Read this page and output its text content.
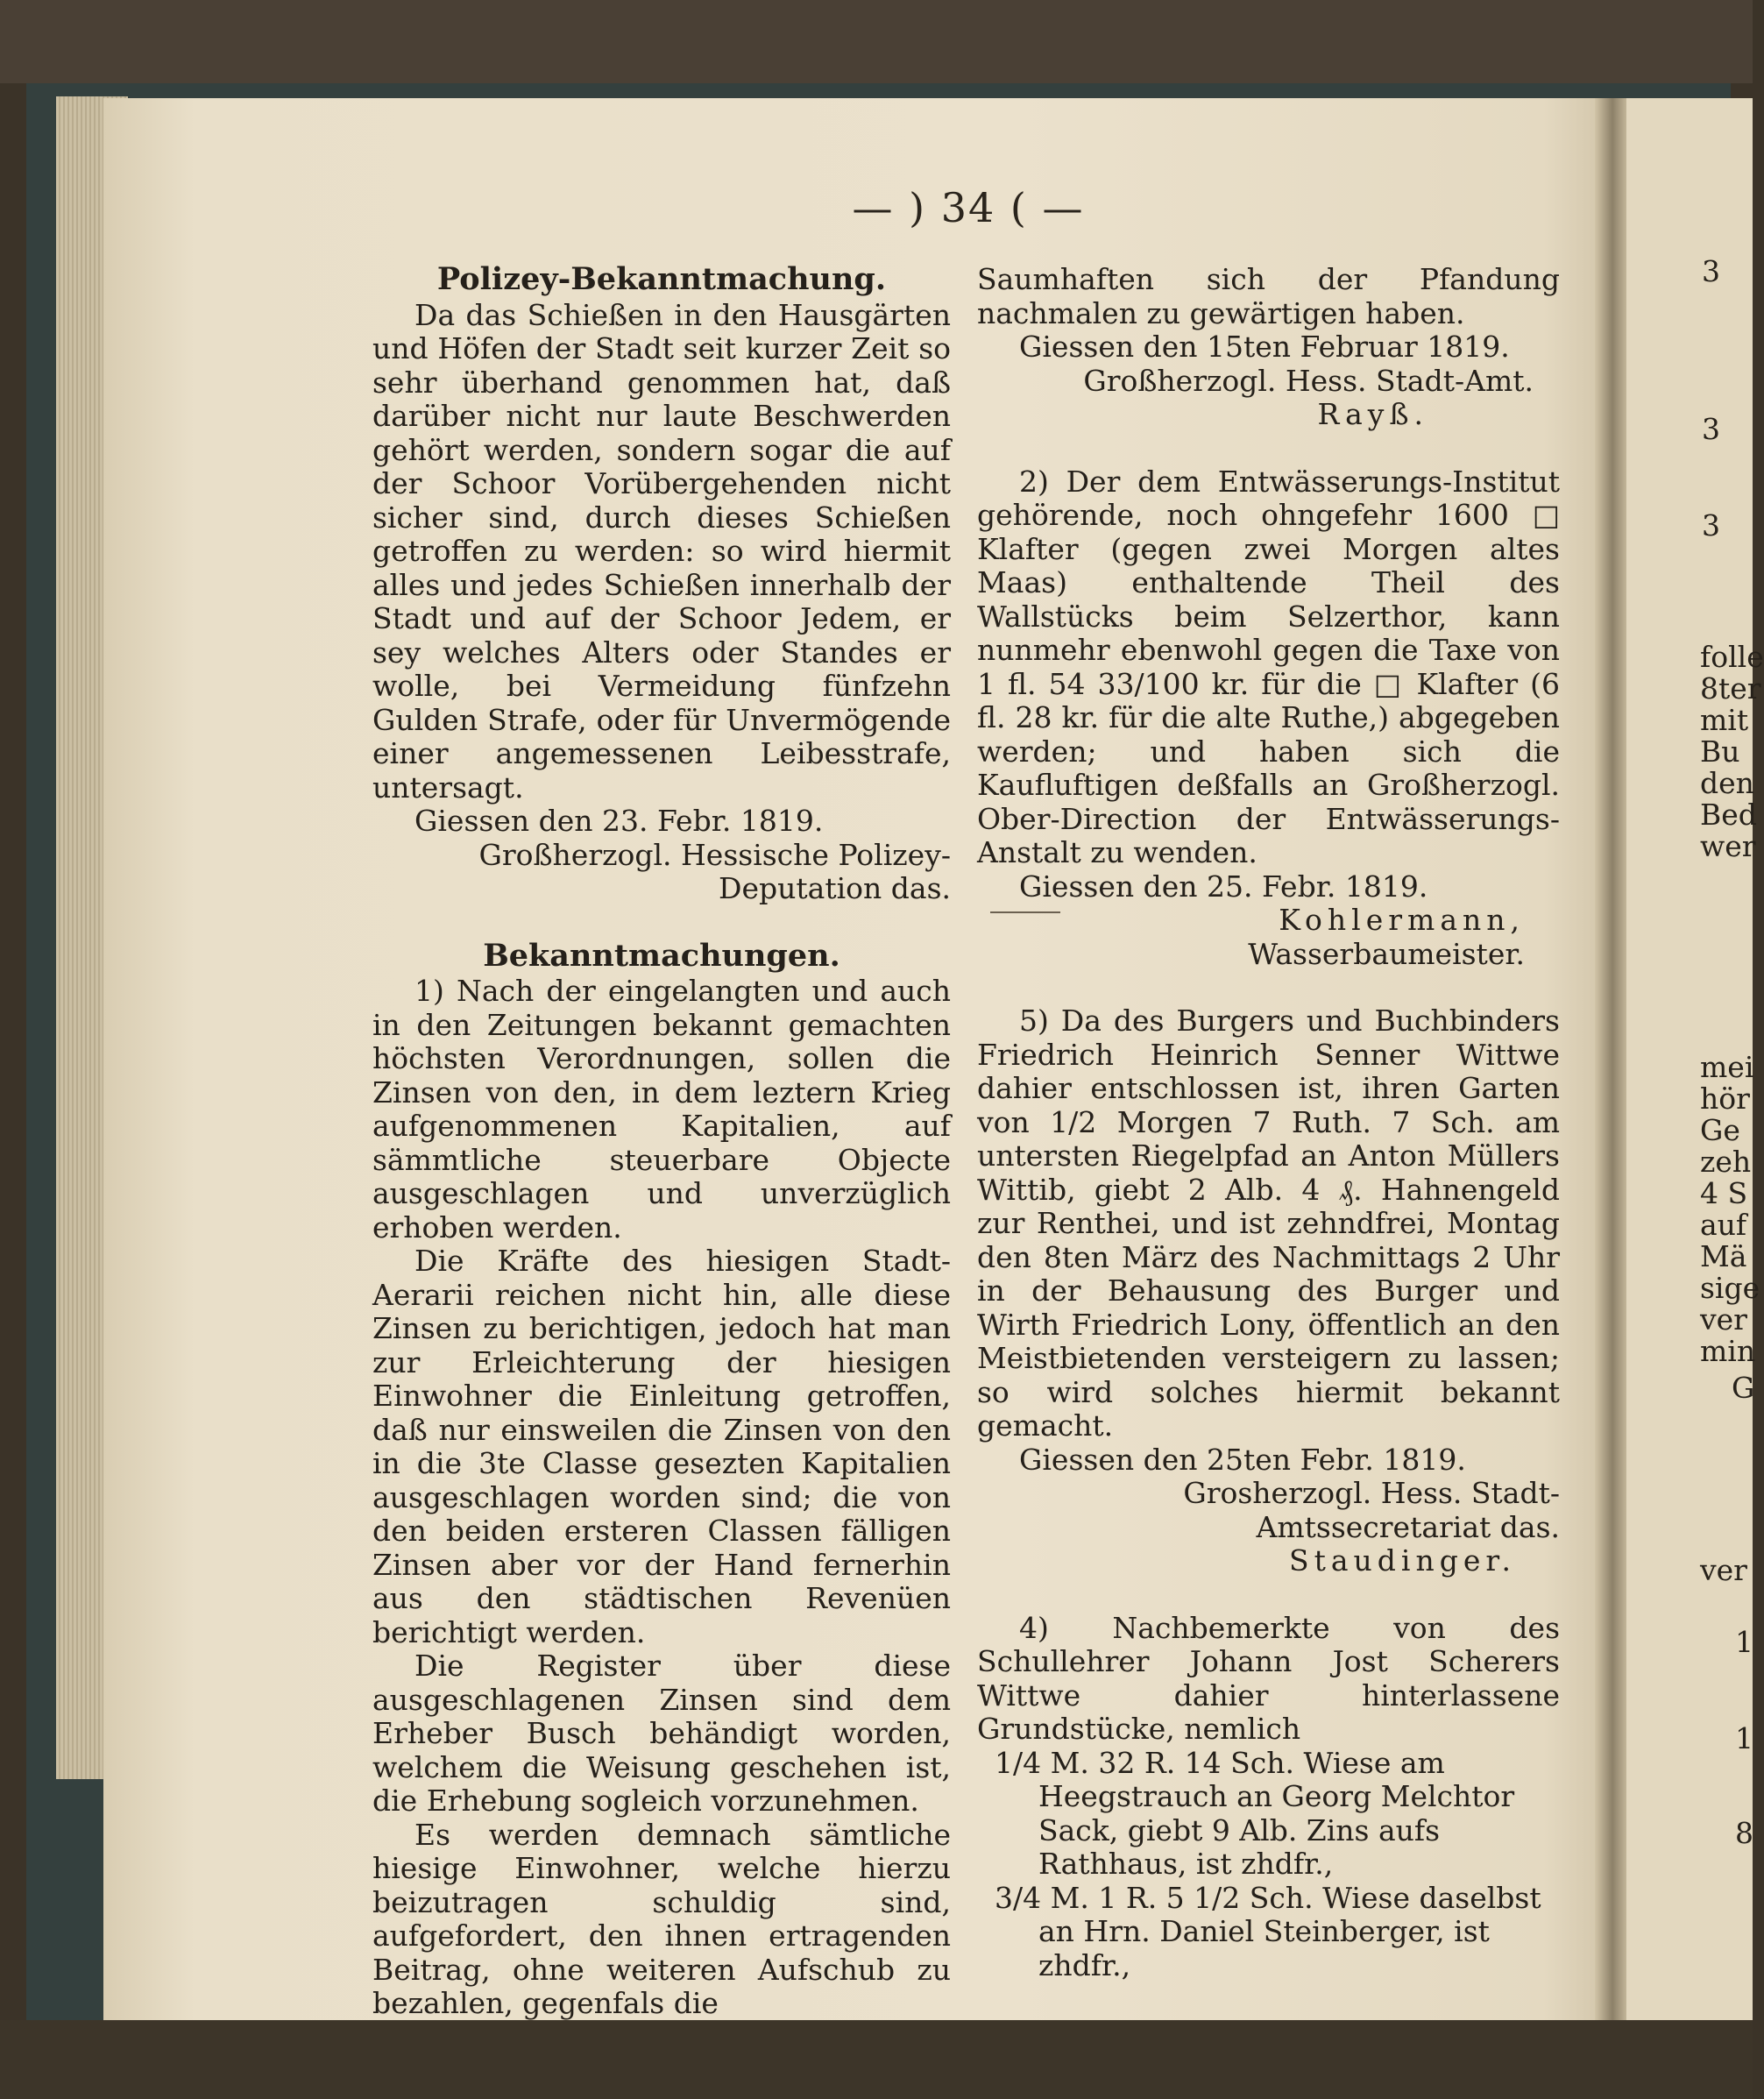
3
3
3
folle
8ter
mit
Bu
den
Bed
wer
mei
hör
Ge
zeh
4 S
auf
Mä
sige
ver
min
G
ver
1
1
8
— ) 34 ( —

Polizey-Bekanntmachung.

Da das Schießen in den Hausgärten und Höfen der Stadt seit kurzer Zeit so sehr überhand genommen hat, daß darüber nicht nur laute Beschwerden gehört werden, sondern sogar die auf der Schoor Vorübergehenden nicht sicher sind, durch dieses Schießen getroffen zu werden: so wird hiermit alles und jedes Schießen innerhalb der Stadt und auf der Schoor Jedem, er sey welches Alters oder Standes er wolle, bei Vermeidung fünfzehn Gulden Strafe, oder für Unvermögende einer angemessenen Leibesstrafe, untersagt.

Giessen den 23. Febr. 1819.

Großherzogl. Hessische Polizey-Deputation das.

Bekanntmachungen.

1) Nach der eingelangten und auch in den Zeitungen bekannt gemachten höchsten Verordnungen, sollen die Zinsen von den, in dem leztern Krieg aufgenommenen Kapitalien, auf sämmtliche steuerbare Objecte ausgeschlagen und unverzüglich erhoben werden.

Die Kräfte des hiesigen Stadt-Aerarii reichen nicht hin, alle diese Zinsen zu berichtigen, jedoch hat man zur Erleichterung der hiesigen Einwohner die Einleitung getroffen, daß nur einsweilen die Zinsen von den in die 3te Classe gesezten Kapitalien ausgeschlagen worden sind; die von den beiden ersteren Classen fälligen Zinsen aber vor der Hand fernerhin aus den städtischen Revenüen berichtigt werden.

Die Register über diese ausgeschlagenen Zinsen sind dem Erheber Busch behändigt worden, welchem die Weisung geschehen ist, die Erhebung sogleich vorzunehmen.

Es werden demnach sämtliche hiesige Einwohner, welche hierzu beizutragen schuldig sind, aufgefordert, den ihnen ertragenden Beitrag, ohne weiteren Aufschub zu bezahlen, gegenfals die

Saumhaften sich der Pfandung nachmalen zu gewärtigen haben.

Giessen den 15ten Februar 1819.

Großherzogl. Hess. Stadt-Amt.

Rayß.

2) Der dem Entwässerungs-Institut gehörende, noch ohngefehr 1600 □ Klafter (gegen zwei Morgen altes Maas) enthaltende Theil des Wallstücks beim Selzerthor, kann nunmehr ebenwohl gegen die Taxe von 1 fl. 54 33/100 kr. für die □ Klafter (6 fl. 28 kr. für die alte Ruthe,) abgegeben werden; und haben sich die Kaufluftigen deßfalls an Großherzogl. Ober-Direction der Entwässerungs-Anstalt zu wenden.

Giessen den 25. Febr. 1819.

Kohlermann,

Wasserbaumeister.

5) Da des Burgers und Buchbinders Friedrich Heinrich Senner Wittwe dahier entschlossen ist, ihren Garten von 1/2 Morgen 7 Ruth. 7 Sch. am untersten Riegelpfad an Anton Müllers Wittib, giebt 2 Alb. 4 ₰. Hahnengeld zur Renthei, und ist zehndfrei, Montag den 8ten März des Nachmittags 2 Uhr in der Behausung des Burger und Wirth Friedrich Lony, öffentlich an den Meistbietenden versteigern zu lassen; so wird solches hiermit bekannt gemacht.

Giessen den 25ten Febr. 1819.

Grosherzogl. Hess. Stadt-Amtssecretariat das.

Staudinger.

4) Nachbemerkte von des Schullehrer Johann Jost Scherers Wittwe dahier hinterlassene Grundstücke, nemlich

1/4 M. 32 R. 14 Sch. Wiese am Heegstrauch an Georg Melchtor Sack, giebt 9 Alb. Zins aufs Rathhaus, ist zhdfr.,

3/4 M. 1 R. 5 1/2 Sch. Wiese daselbst an Hrn. Daniel Steinberger, ist zhdfr.,
